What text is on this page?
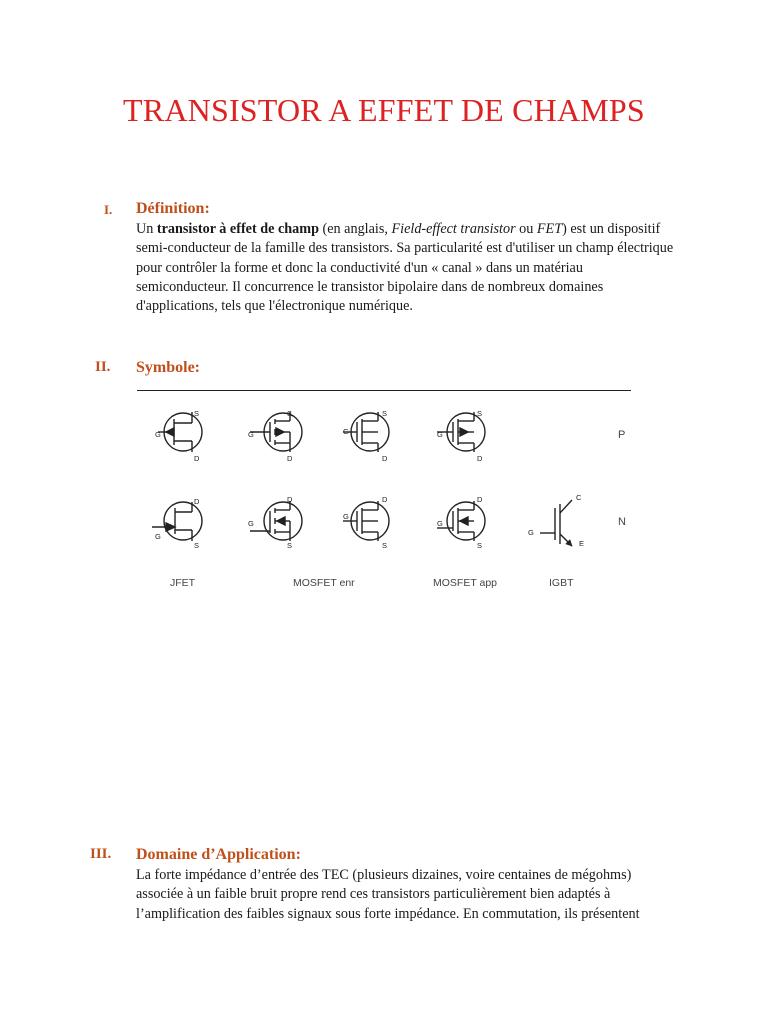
TRANSISTOR A EFFET DE CHAMPS
I. Définition:
Un transistor à effet de champ (en anglais, Field-effect transistor ou FET) est un dispositif semi-conducteur de la famille des transistors. Sa particularité est d'utiliser un champ électrique pour contrôler la forme et donc la conductivité d'un « canal » dans un matériau semiconducteur. Il concurrence le transistor bipolaire dans de nombreux domaines d'applications, tels que l'électronique numérique.
II. Symbole:
S
G
D
S
G
D
S
G
D
S
G
D
D
G
S
D
G
S
D
G
S
D
G
S
G
C
E
P
N
JFET	MOSFET enr	MOSFET app	IGBT
III. Domaine d’Application:
La forte impédance d’entrée des TEC (plusieurs dizaines, voire centaines de mégohms) associée à un faible bruit propre rend ces transistors particulièrement bien adaptés à l’amplification des faibles signaux sous forte impédance. En commutation, ils présentent
